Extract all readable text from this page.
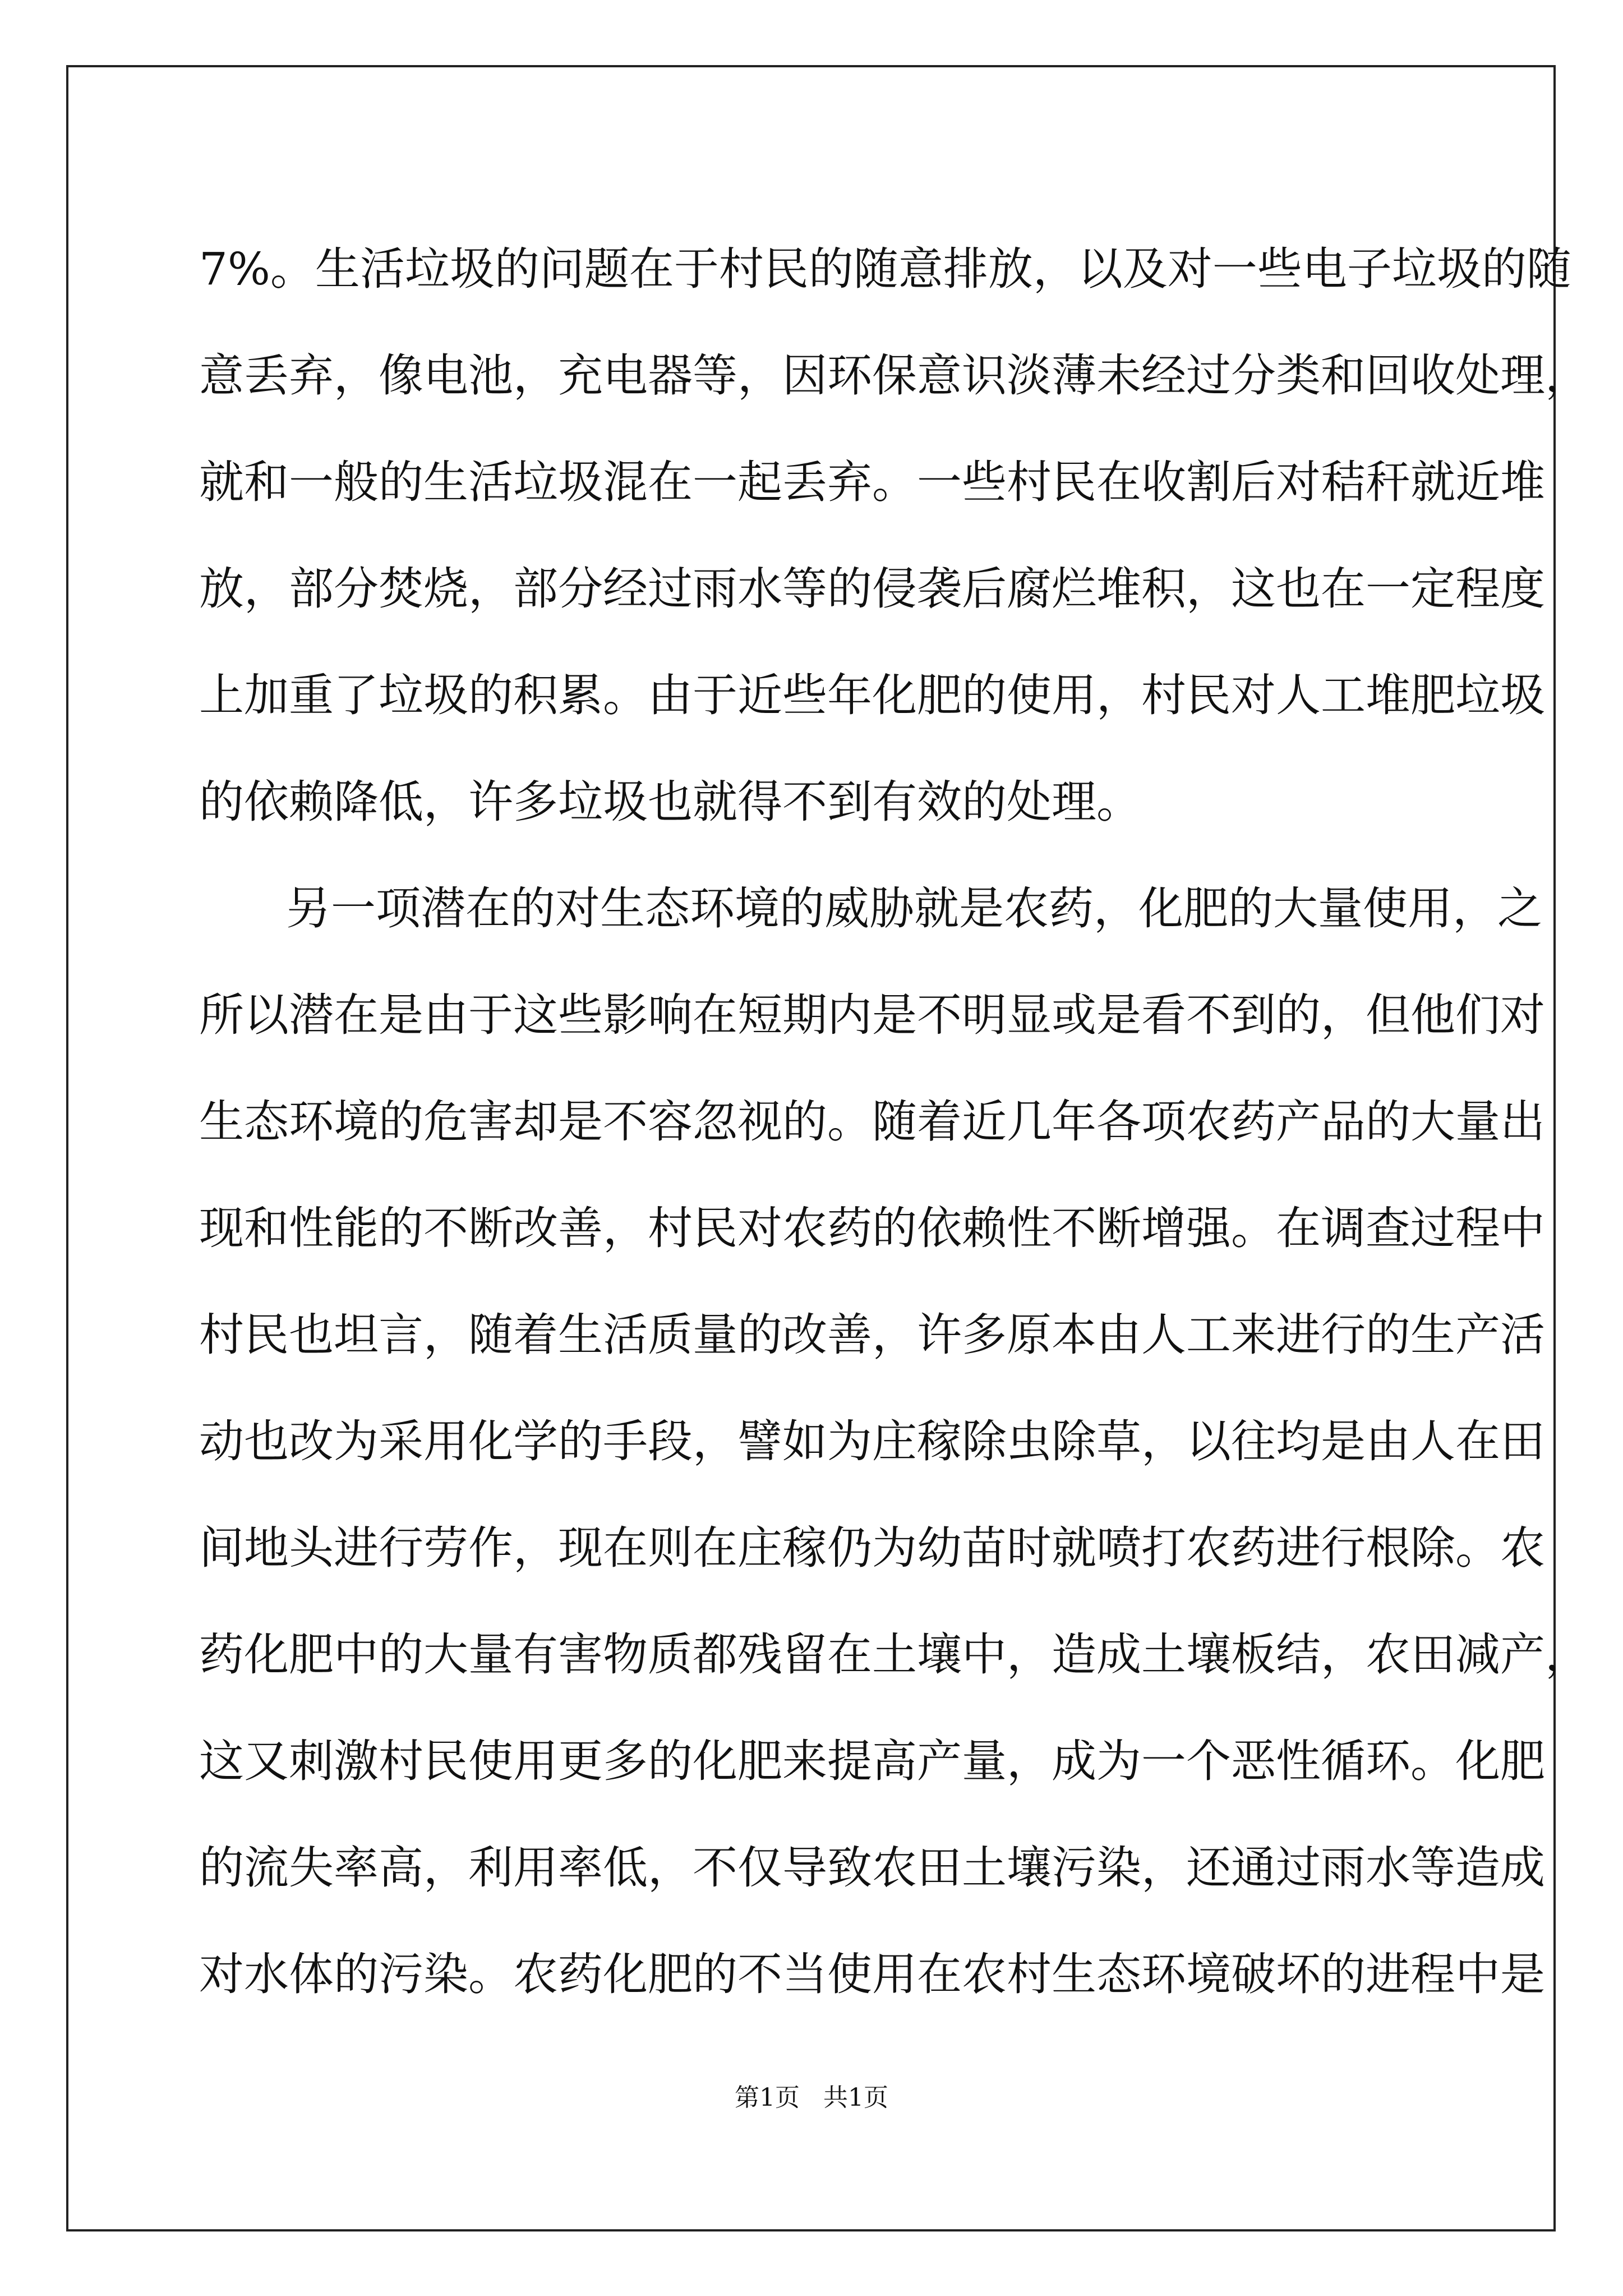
7%。生活垃圾的问题在于村民的随意排放，以及对一些电子垃圾的随
意丢弃，像电池，充电器等，因环保意识淡薄未经过分类和回收处理，
就和一般的生活垃圾混在一起丢弃。一些村民在收割后对秸秆就近堆
放，部分焚烧，部分经过雨水等的侵袭后腐烂堆积，这也在一定程度
上加重了垃圾的积累。由于近些年化肥的使用，村民对人工堆肥垃圾
的依赖降低，许多垃圾也就得不到有效的处理。
另一项潜在的对生态环境的威胁就是农药，化肥的大量使用，之
所以潜在是由于这些影响在短期内是不明显或是看不到的，但他们对
生态环境的危害却是不容忽视的。随着近几年各项农药产品的大量出
现和性能的不断改善，村民对农药的依赖性不断增强。在调查过程中
村民也坦言，随着生活质量的改善，许多原本由人工来进行的生产活
动也改为采用化学的手段，譬如为庄稼除虫除草，以往均是由人在田
间地头进行劳作，现在则在庄稼仍为幼苗时就喷打农药进行根除。农
药化肥中的大量有害物质都残留在土壤中，造成土壤板结，农田减产，
这又刺激村民使用更多的化肥来提高产量，成为一个恶性循环。化肥
的流失率高，利用率低，不仅导致农田土壤污染，还通过雨水等造成
对水体的污染。农药化肥的不当使用在农村生态环境破坏的进程中是
第1页   共1页
